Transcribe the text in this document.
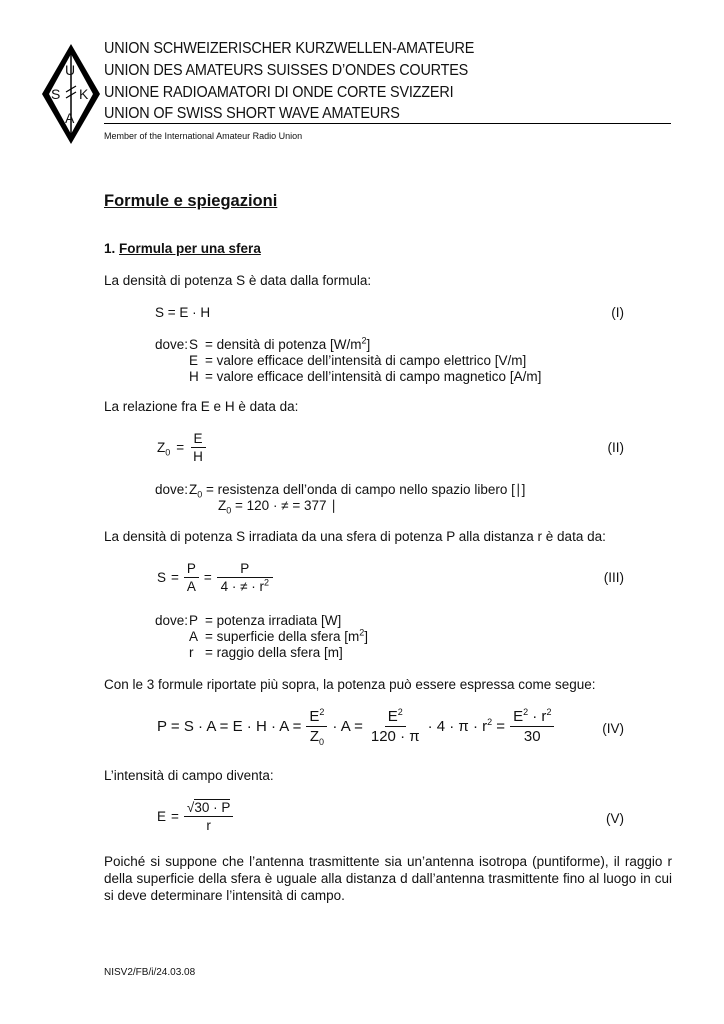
U
S K
A
UNION SCHWEIZERISCHER KURZWELLEN-AMATEURE
UNION DES AMATEURS SUISSES D’ONDES COURTES
UNIONE RADIOAMATORI DI ONDE CORTE SVIZZERI
UNION OF SWISS SHORT WAVE AMATEURS
Member of the International Amateur Radio Union
Formule e spiegazioni
1. Formula per una sfera
La densità di potenza S è data dalla formula:
S = E · H	(I)
dove:S = densità di potenza $[W/m^2]$
E = valore efficace dell’intensità di campo elettrico [V/m]
H = valore efficace dell’intensità di campo magnetico [A/m]
La relazione fra E e H è data da:
$Z_0 = \frac{E}{H}$	(II)
$dove:Z_0$ = resistenza dell’onda di campo nello spazio libero [∣]
$Z_0 = 120$ · ≠ = 377 ∣
La densità di potenza S irradiata da una sfera di potenza P alla distanza r è data da:
$S = \frac{P}{A} = \frac{P}{4 \cdot \ne \cdot r^2}$	(III)
dove:P = potenza irradiata [W]
A = superficie della sfera $[m^2]$
r = raggio della sfera [m]
Con le 3 formule riportate più sopra, la potenza può essere espressa come segue:
$P = S \cdot A = E \cdot H \cdot A = \frac{E^2}{Z_0} \cdot A = \frac{E^2}{120 \cdot \pi} \cdot 4 \cdot \pi \cdot r^2 = \frac{E^2 \cdot r^2}{30}$	(IV)
L’intensità di campo diventa:
$E = \frac{√30 \cdot P}{r}$	(V)
Poiché si suppone che l’antenna trasmittente sia un’antenna isotropa (puntiforme), il raggio r della superficie della sfera è uguale alla distanza d dall’antenna trasmittente fino al luogo in cui si deve determinare l’intensità di campo.
NISV2/FB/i/24.03.08
